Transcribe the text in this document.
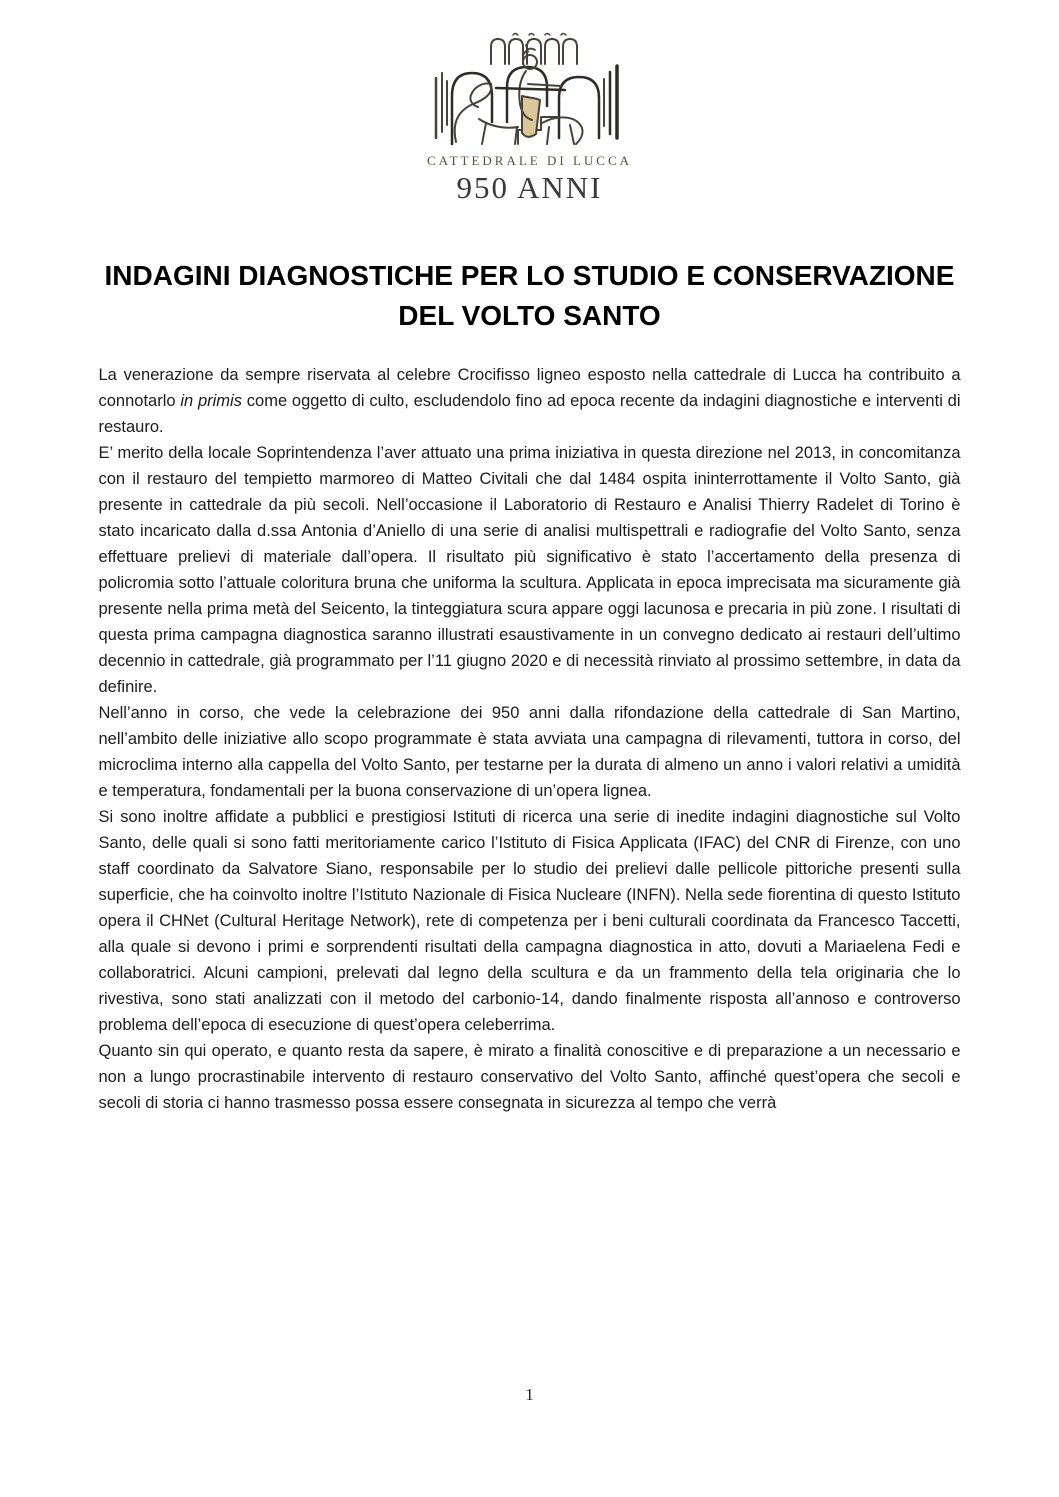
CATTEDRALE DI LUCCA
950 ANNI
INDAGINI DIAGNOSTICHE PER LO STUDIO E CONSERVAZIONE
DEL VOLTO SANTO

La venerazione da sempre riservata al celebre Crocifisso ligneo esposto nella cattedrale di Lucca ha contribuito a connotarlo in primis come oggetto di culto, escludendolo fino ad epoca recente da indagini diagnostiche e interventi di restauro.

E’ merito della locale Soprintendenza l’aver attuato una prima iniziativa in questa direzione nel 2013, in concomitanza con il restauro del tempietto marmoreo di Matteo Civitali che dal 1484 ospita ininterrottamente il Volto Santo, già presente in cattedrale da più secoli. Nell’occasione il Laboratorio di Restauro e Analisi Thierry Radelet di Torino è stato incaricato dalla d.ssa Antonia d’Aniello di una serie di analisi multispettrali e radiografie del Volto Santo, senza effettuare prelievi di materiale dall’opera. Il risultato più significativo è stato l’accertamento della presenza di policromia sotto l’attuale coloritura bruna che uniforma la scultura. Applicata in epoca imprecisata ma sicuramente già presente nella prima metà del Seicento, la tinteggiatura scura appare oggi lacunosa e precaria in più zone. I risultati di questa prima campagna diagnostica saranno illustrati esaustivamente in un convegno dedicato ai restauri dell’ultimo decennio in cattedrale, già programmato per l’11 giugno 2020 e di necessità rinviato al prossimo settembre, in data da definire.

Nell’anno in corso, che vede la celebrazione dei 950 anni dalla rifondazione della cattedrale di San Martino, nell’ambito delle iniziative allo scopo programmate è stata avviata una campagna di rilevamenti, tuttora in corso, del microclima interno alla cappella del Volto Santo, per testarne per la durata di almeno un anno i valori relativi a umidità e temperatura, fondamentali per la buona conservazione di un’opera lignea.

Si sono inoltre affidate a pubblici e prestigiosi Istituti di ricerca una serie di inedite indagini diagnostiche sul Volto Santo, delle quali si sono fatti meritoriamente carico l’Istituto di Fisica Applicata (IFAC) del CNR di Firenze, con uno staff coordinato da Salvatore Siano, responsabile per lo studio dei prelievi dalle pellicole pittoriche presenti sulla superficie, che ha coinvolto inoltre l’Istituto Nazionale di Fisica Nucleare (INFN). Nella sede fiorentina di questo Istituto opera il CHNet (Cultural Heritage Network), rete di competenza per i beni culturali coordinata da Francesco Taccetti, alla quale si devono i primi e sorprendenti risultati della campagna diagnostica in atto, dovuti a Mariaelena Fedi e collaboratrici. Alcuni campioni, prelevati dal legno della scultura e da un frammento della tela originaria che lo rivestiva, sono stati analizzati con il metodo del carbonio-14, dando finalmente risposta all’annoso e controverso problema dell’epoca di esecuzione di quest’opera celeberrima.

Quanto sin qui operato, e quanto resta da sapere, è mirato a finalità conoscitive e di preparazione a un necessario e non a lungo procrastinabile intervento di restauro conservativo del Volto Santo, affinché quest’opera che secoli e secoli di storia ci hanno trasmesso possa essere consegnata in sicurezza al tempo che verrà

1
